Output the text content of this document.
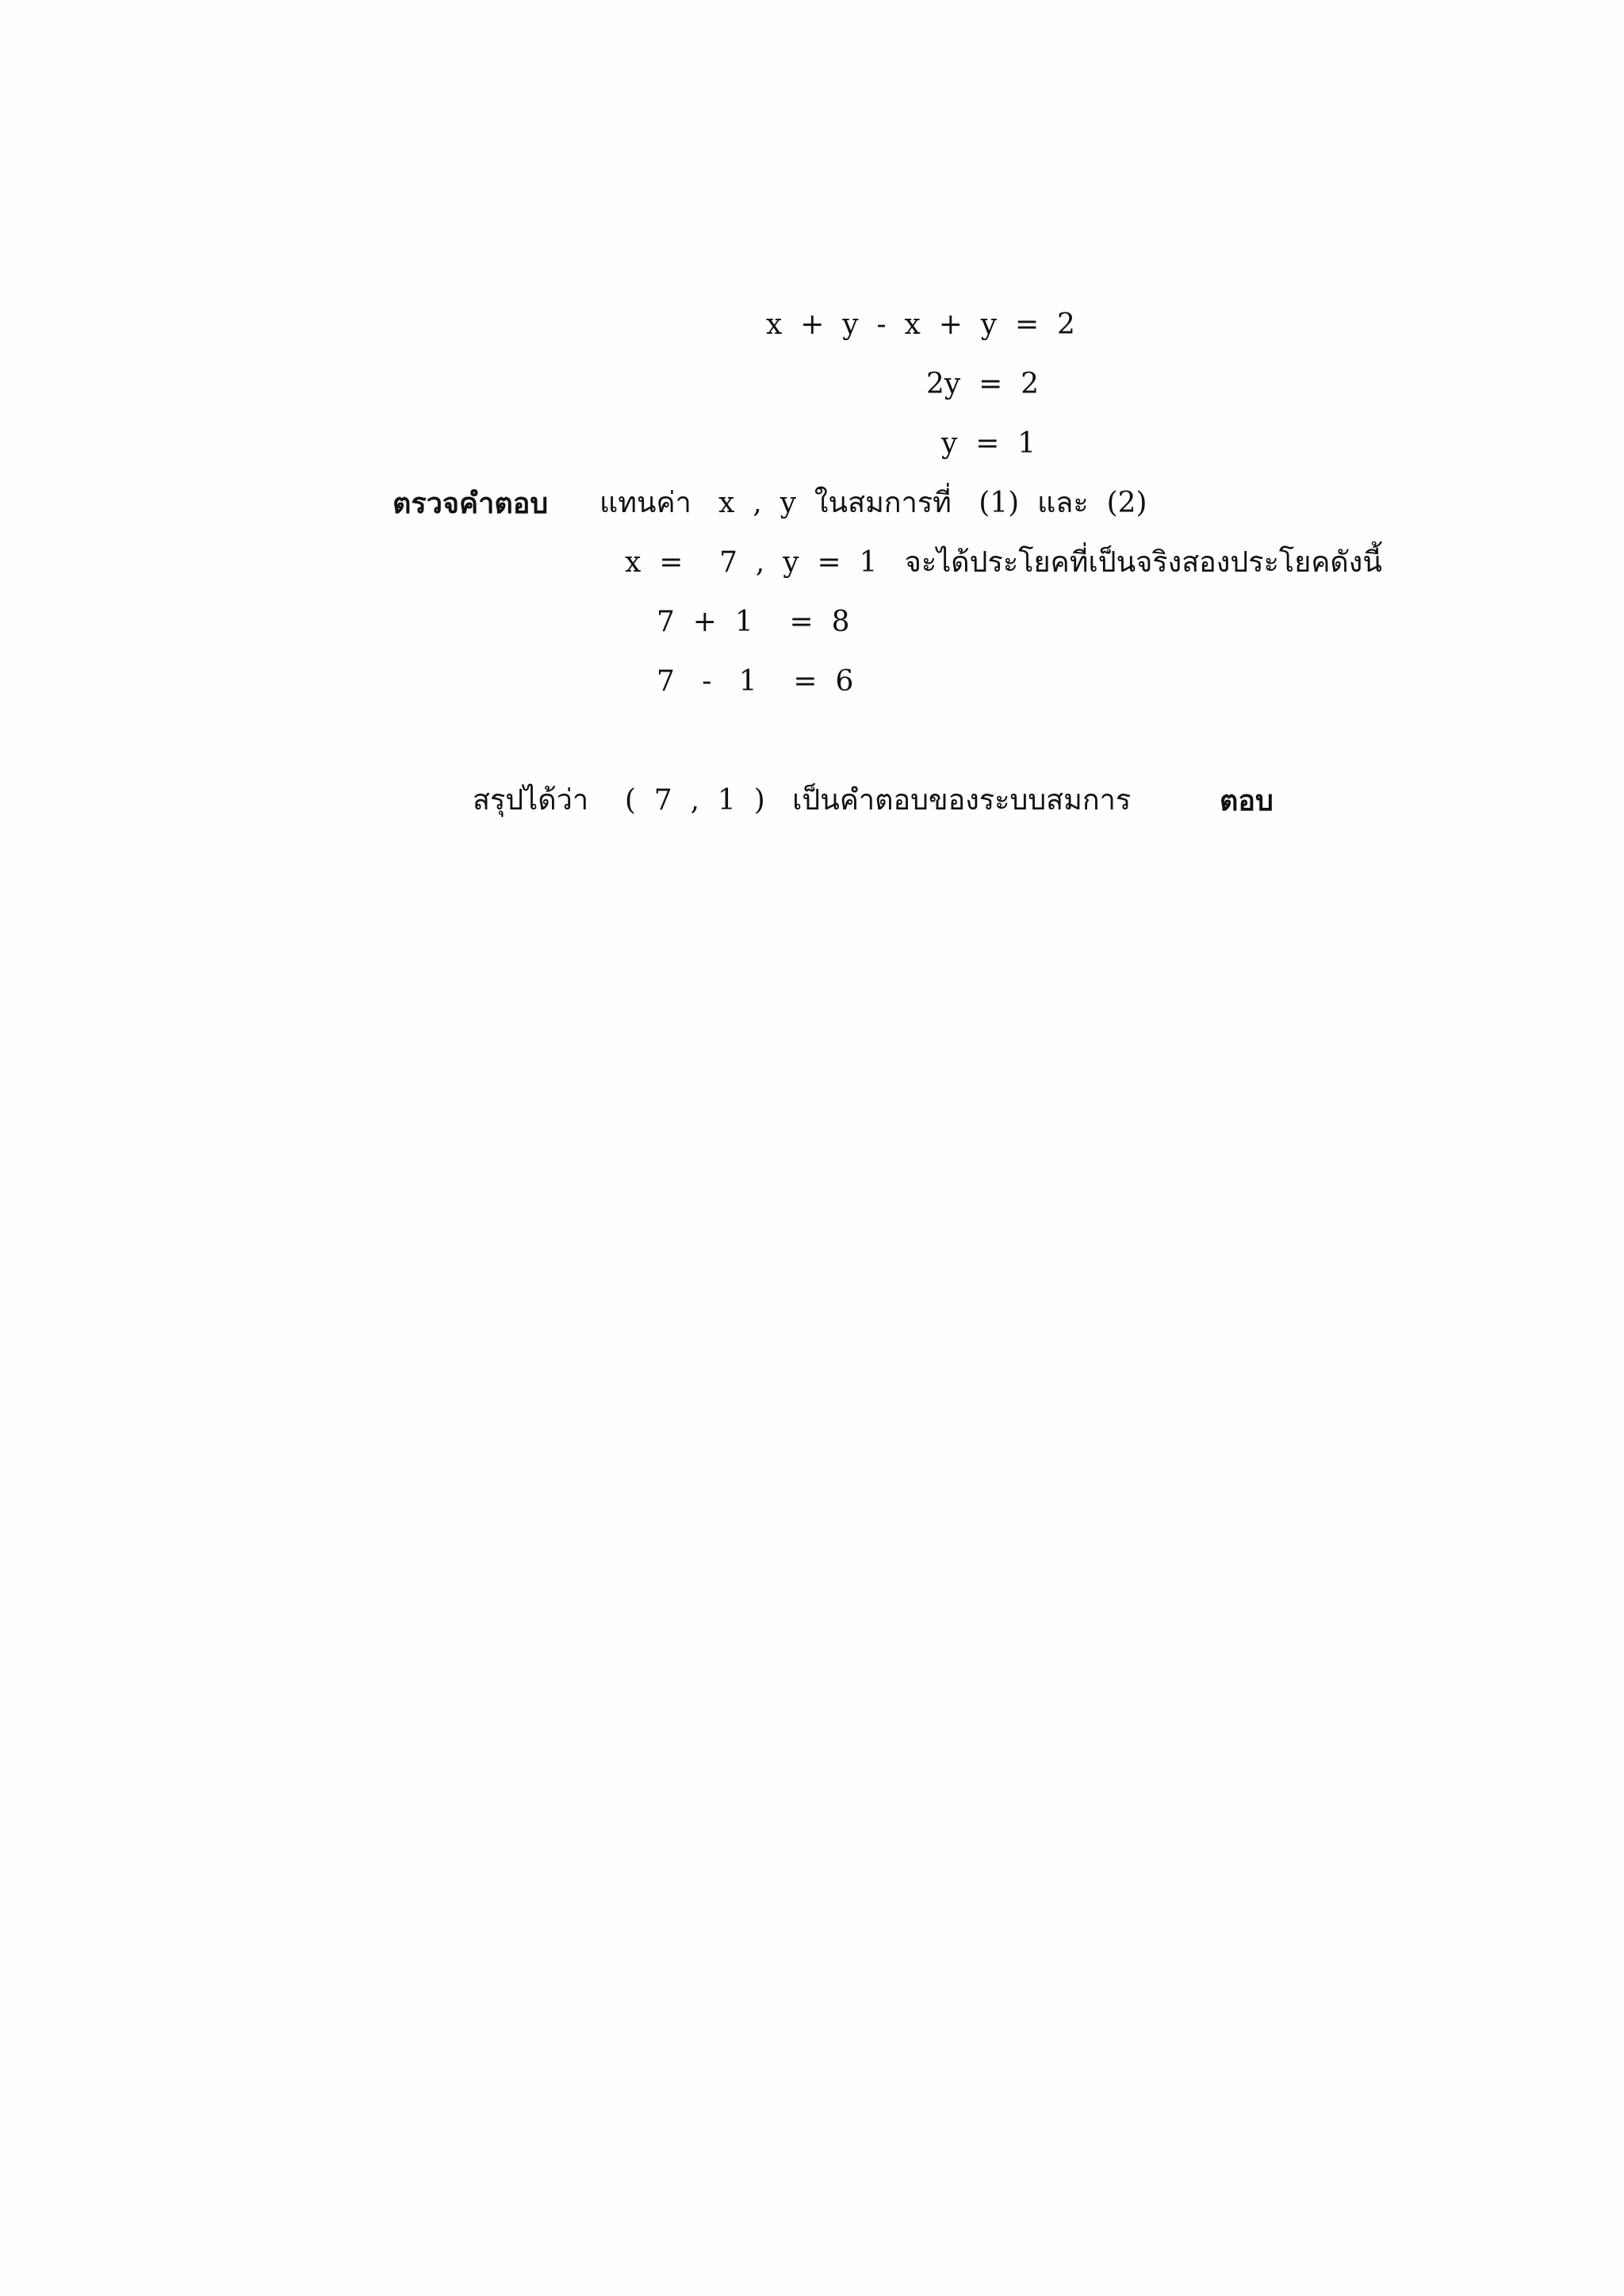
x  +  y  -  x  +  y  =  2
2y  =  2
y  =  1
ตรวจคำตอบ แทนค่า   x  ,  y  ในสมการที่   (1)  และ  (2)
x  =    7  ,  y  =  1   จะได้ประโยคที่เป็นจริงสองประโยคดังนี้
7  +  1    =  8
7   -   1    =  6
สรุปได้ว่า    (  7  ,  1  )   เป็นคำตอบของระบบสมการ	ตอบ
